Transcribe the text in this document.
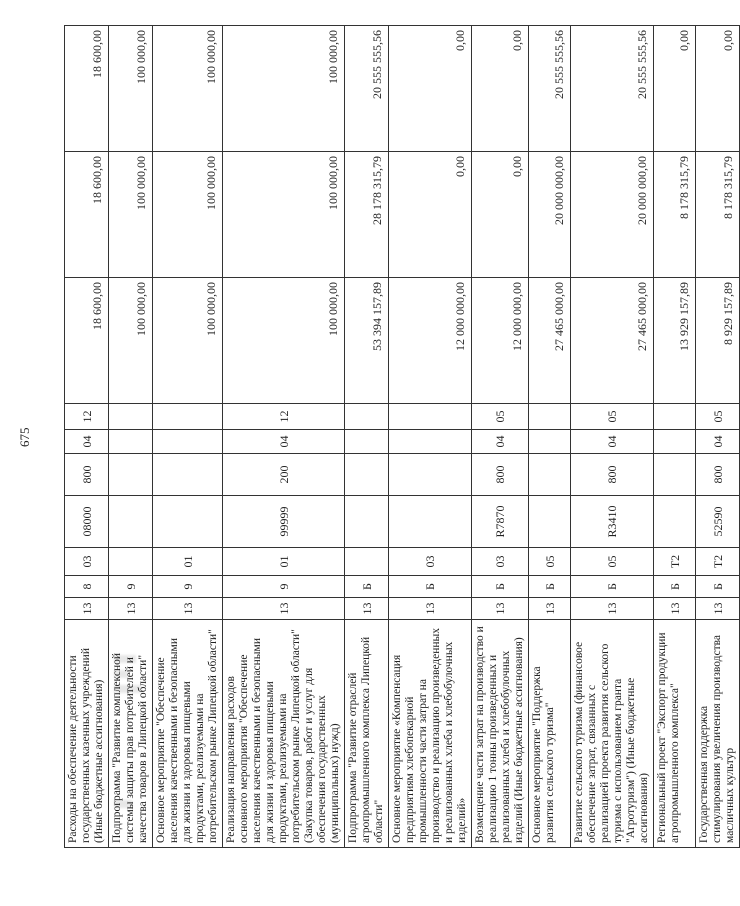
675
Расходы на обеспечение деятельности государственных казенных учреждений (Иные бюджетные ассигнования)	13	8	03	08000	800	04	12	18 600,00	18 600,00	18 600,00
Подпрограмма "Развитие комплексной системы защиты прав потребителей и качества товаров в Липецкой области"	13	9						100 000,00	100 000,00	100 000,00
Основное мероприятие "Обеспечение населения качественными и безопасными для жизни и здоровья пищевыми продуктами, реализуемыми на потребительском рынке Липецкой области"	13	9	01					100 000,00	100 000,00	100 000,00
Реализация направления расходов основного мероприятия "Обеспечение населения качественными и безопасными для жизни и здоровья пищевыми продуктами, реализуемыми на потребительском рынке Липецкой области" (Закупка товаров, работ и услуг для обеспечения государственных (муниципальных) нужд)	13	9	01	99999	200	04	12	100 000,00	100 000,00	100 000,00
Подпрограмма "Развитие отраслей агропромышленного комплекса Липецкой области"	13	Б						53 394 157,89	28 178 315,79	20 555 555,56
Основное мероприятие «Компенсация предприятиям хлебопекарной промышленности части затрат на производство и реализацию произведенных и реализованных хлеба и хлебобулочных изделий»	13	Б	03					12 000 000,00	0,00	0,00
Возмещение части затрат на производство и реализацию 1 тонны произведенных и реализованных хлеба и хлебобулочных изделий (Иные бюджетные ассигнования)	13	Б	03	R7870	800	04	05	12 000 000,00	0,00	0,00
Основное мероприятие "Поддержка развития сельского туризма"	13	Б	05					27 465 000,00	20 000 000,00	20 555 555,56
Развитие сельского туризма (финансовое обеспечение затрат, связанных с реализацией проекта развития сельского туризма с использованием гранта "Агротуризм") (Иные бюджетные ассигнования)	13	Б	05	R3410	800	04	05	27 465 000,00	20 000 000,00	20 555 555,56
Региональный проект "Экспорт продукции агропромышленного комплекса"	13	Б	T2					13 929 157,89	8 178 315,79	0,00
Государственная поддержка стимулирования увеличения производства масличных культур	13	Б	T2	52590	800	04	05	8 929 157,89	8 178 315,79	0,00
